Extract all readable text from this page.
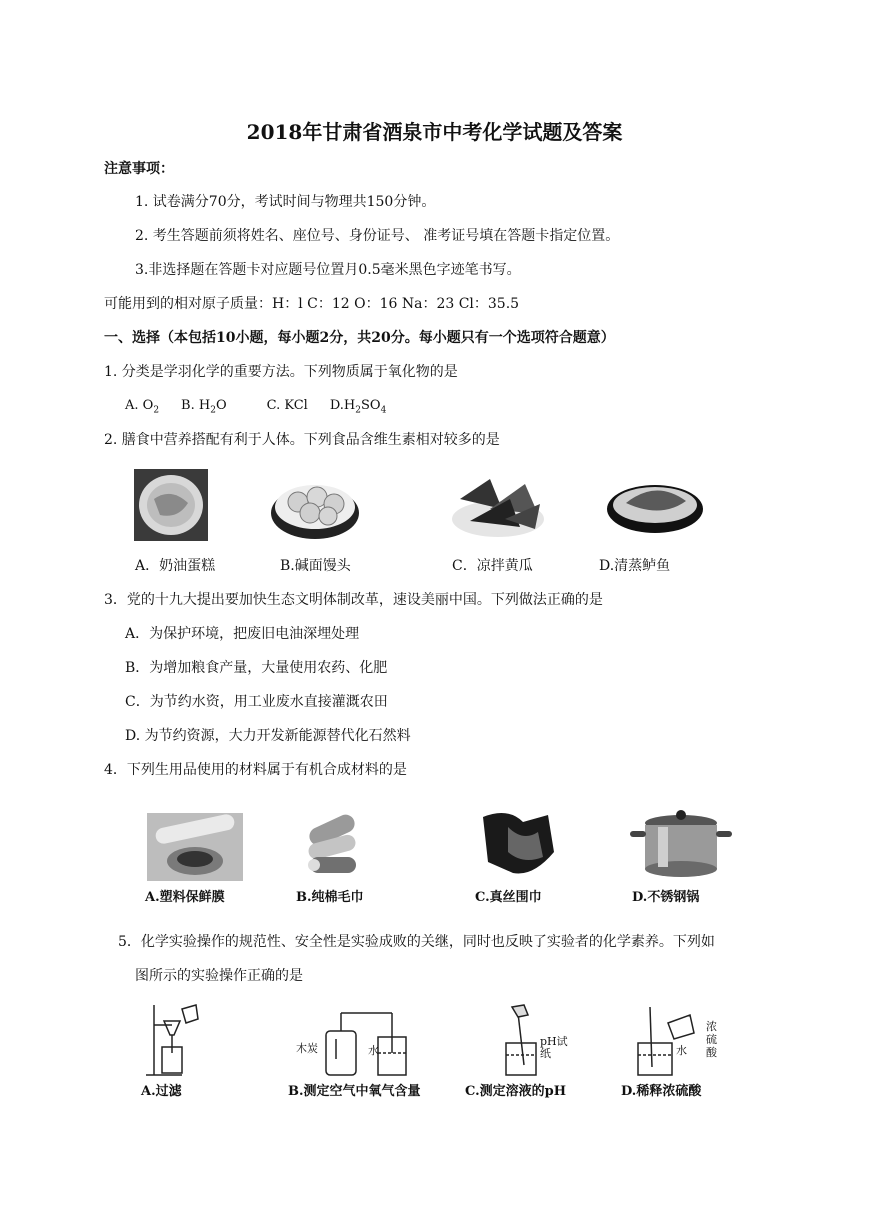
2018年甘肃省酒泉市中考化学试题及答案
注意事项：
1. 试卷满分70分，考试时间与物理共150分钟。
2. 考生答题前须将姓名、座位号、身份证号、 准考证号填在答题卡指定位置。
3.非选择题在答题卡对应题号位置月0.5毫米黑色字迹笔书写。
可能用到的相对原子质量：H：l C：12 O：16 Na：23 Cl：35.5
一、选择（本包括10小题，每小题2分，共20分。每小题只有一个选项符合题意）
1. 分类是学羽化学的重要方法。下列物质属于氧化物的是
A. $O_2$ B. $H_2O$	C. KCl $D.H_2SO_4$
2. 膳食中营养搭配有利于人体。下列食品含维生素相对较多的是
A．奶油蛋糕	B.碱面馒头	C．凉拌黄瓜	D.清蒸鲈鱼
3．党的十九大提出要加快生态文明体制改革，速设美丽中国。下列做法正确的是
A．为保护环境，把废旧电油深埋处理
B．为增加粮食产量，大量使用农药、化肥
C．为节约水资，用工业废水直接灌溉农田
D. 为节约资源，大力开发新能源替代化石然料
4．下列生用品使用的材料属于有机合成材料的是
A.塑料保鲜膜	B.纯棉毛巾	C.真丝围巾	D.不锈钢锅
5．化学实验操作的规范性、安全性是实验成败的关继，同时也反映了实验者的化学素养。下列如
图所示的实验操作正确的是
木炭	水
pH试纸	水
浓硫酸
A.过滤	B.测定空气中氧气含量	C.测定溶液的pH	D.稀释浓硫酸
